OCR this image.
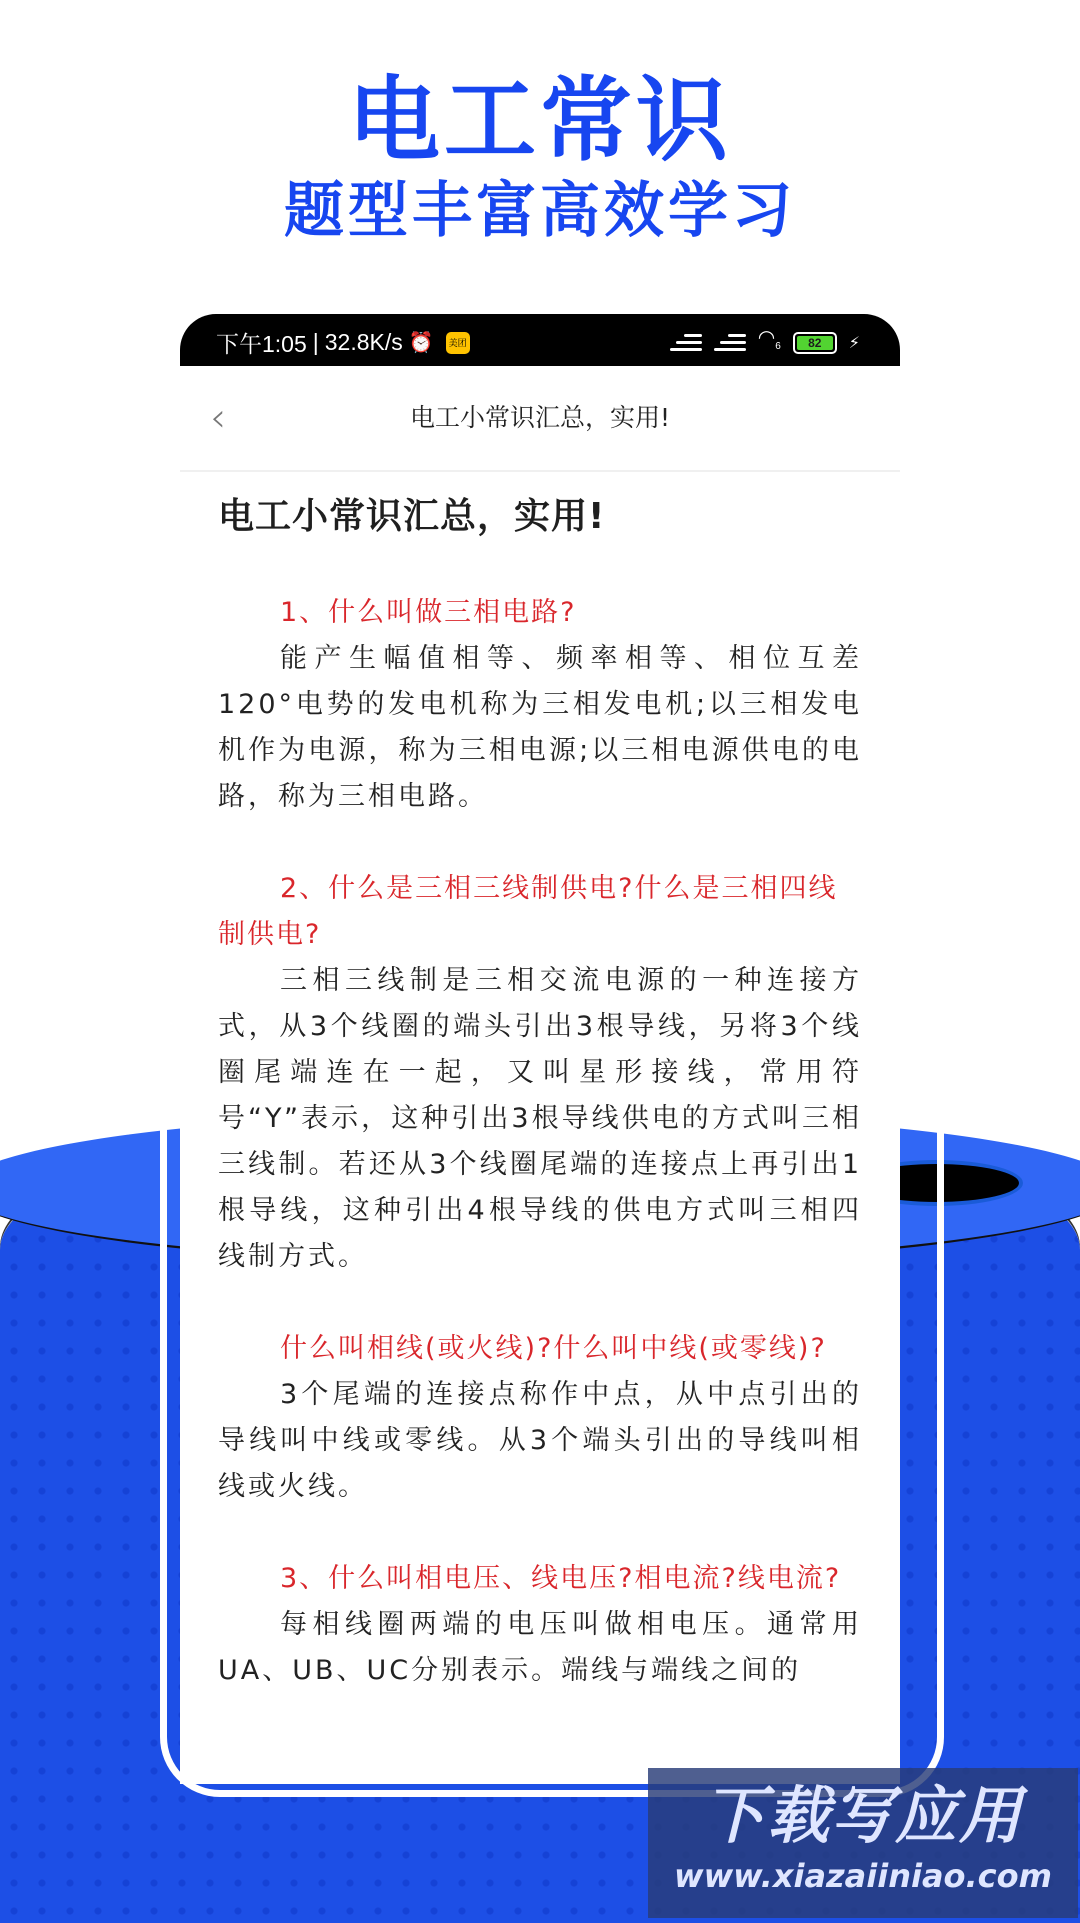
电工常识
题型丰富高效学习
下午1:05 | 32.8K/s ⏰	美团	$◠_6$	82	⚡
‹	电工小常识汇总，实用!
电工小常识汇总，实用!

1、什么叫做三相电路?

能产生幅值相等、频率相等、相位互差120°电势的发电机称为三相发电机;以三相发电机作为电源，称为三相电源;以三相电源供电的电路，称为三相电路。

2、什么是三相三线制供电?什么是三相四线制供电?

三相三线制是三相交流电源的一种连接方式，从3个线圈的端头引出3根导线，另将3个线圈尾端连在一起，又叫星形接线，常用符号“Y”表示，这种引出3根导线供电的方式叫三相三线制。若还从3个线圈尾端的连接点上再引出1根导线，这种引出4根导线的供电方式叫三相四线制方式。

什么叫相线(或火线)?什么叫中线(或零线)?

3个尾端的连接点称作中点，从中点引出的导线叫中线或零线。从3个端头引出的导线叫相线或火线。

3、什么叫相电压、线电压?相电流?线电流?

每相线圈两端的电压叫做相电压。通常用UA、UB、UC分别表示。端线与端线之间的

下载写应用
www.xiazaiiniao.com
